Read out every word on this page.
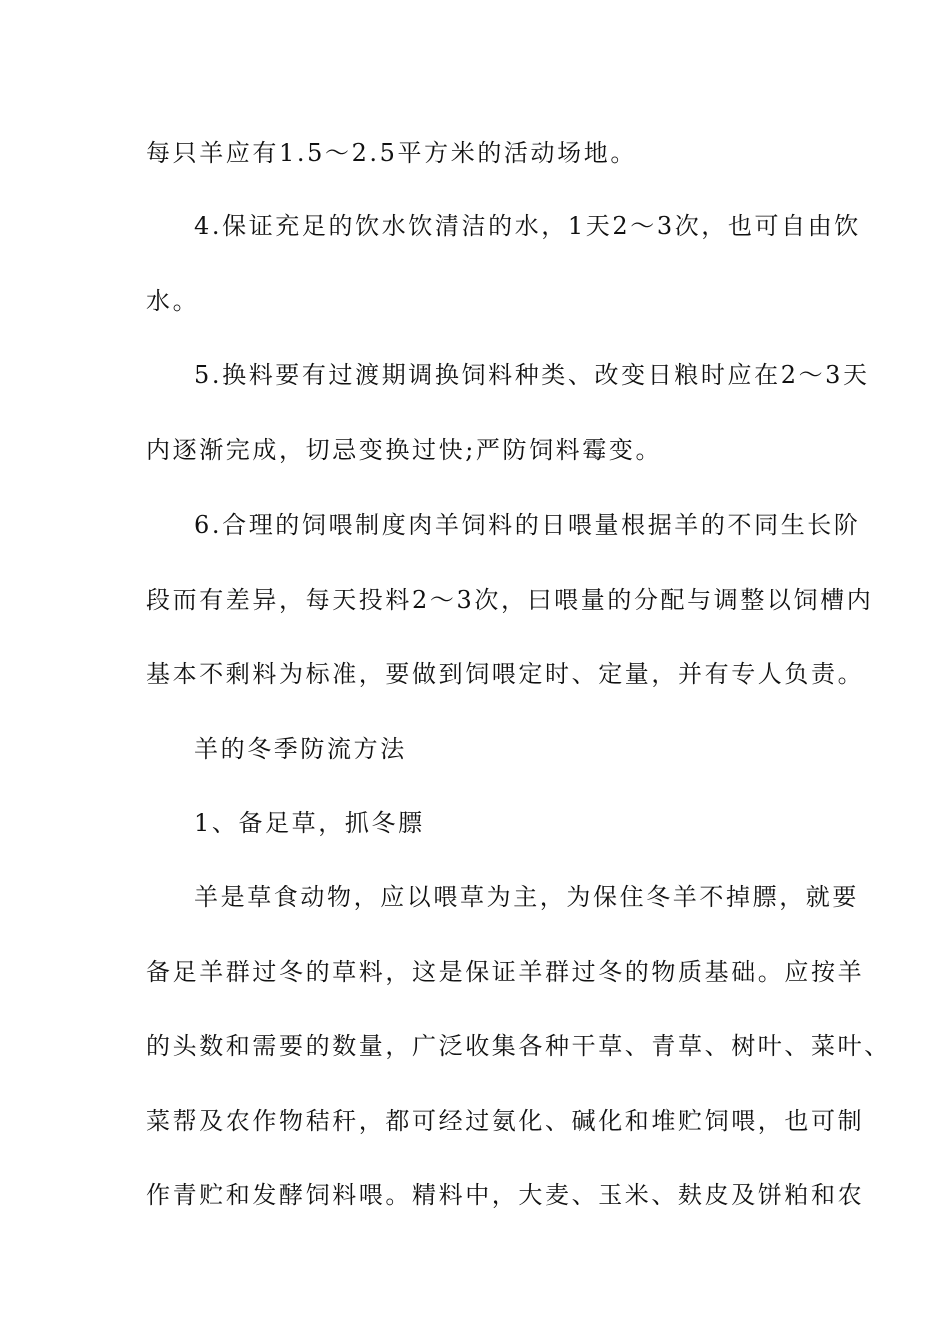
每只羊应有1.5～2.5平方米的活动场地。
4.保证充足的饮水饮清洁的水，1天2～3次，也可自由饮
水。
5.换料要有过渡期调换饲料种类、改变日粮时应在2～3天
内逐渐完成，切忌变换过快;严防饲料霉变。
6.合理的饲喂制度肉羊饲料的日喂量根据羊的不同生长阶
段而有差异，每天投料2～3次，曰喂量的分配与调整以饲槽内
基本不剩料为标准，要做到饲喂定时、定量，并有专人负责。
羊的冬季防流方法
1、备足草，抓冬膘
羊是草食动物，应以喂草为主，为保住冬羊不掉膘，就要
备足羊群过冬的草料，这是保证羊群过冬的物质基础。应按羊
的头数和需要的数量，广泛收集各种干草、青草、树叶、菜叶、
菜帮及农作物秸秆，都可经过氨化、碱化和堆贮饲喂，也可制
作青贮和发酵饲料喂。精料中，大麦、玉米、麸皮及饼粕和农
